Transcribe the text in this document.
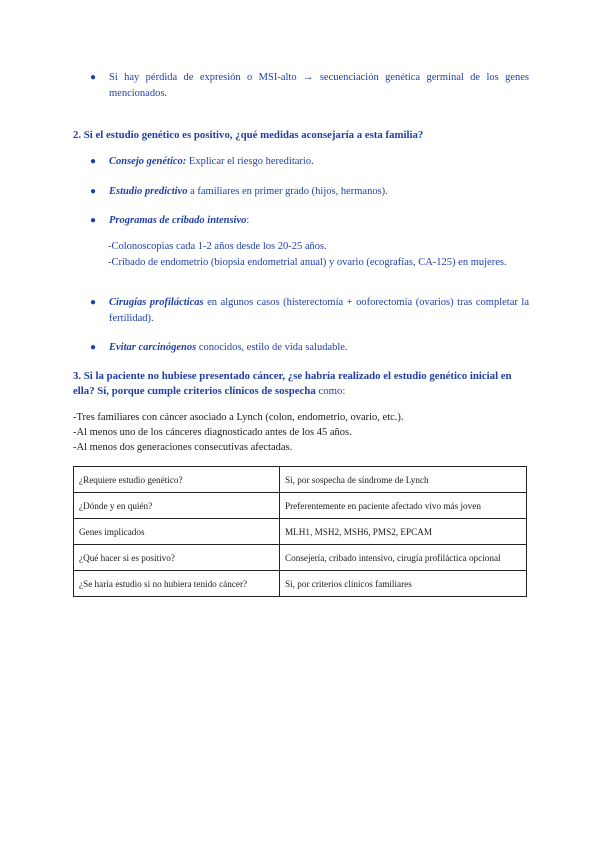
● Si hay pérdida de expresión o MSI-alto → secuenciación genética germinal de los genes mencionados.
2. Si el estudio genético es positivo, ¿qué medidas aconsejaría a esta familia?
● Consejo genético: Explicar el riesgo hereditario.
● Estudio predictivo a familiares en primer grado (hijos, hermanos).
● Programas de cribado intensivo:
-Colonoscopias cada 1-2 años desde los 20-25 años.
-Cribado de endometrio (biopsia endometrial anual) y ovario (ecografías, CA-125) en mujeres.
● Cirugías profilácticas en algunos casos (histerectomía + ooforectomía (ovarios) tras completar la fertilidad).
● Evitar carcinógenos conocidos, estilo de vida saludable.
3. Si la paciente no hubiese presentado cáncer, ¿se habría realizado el estudio genético inicial en ella? Sí, porque cumple criterios clínicos de sospecha como:
-Tres familiares con cáncer asociado a Lynch (colon, endometrio, ovario, etc.).
-Al menos uno de los cánceres diagnosticado antes de los 45 años.
-Al menos dos generaciones consecutivas afectadas.
¿Requiere estudio genético?	Sí, por sospecha de síndrome de Lynch
¿Dónde y en quién?	Preferentemente en paciente afectado vivo más joven
Genes implicados	MLH1, MSH2, MSH6, PMS2, EPCAM
¿Qué hacer si es positivo?	Consejería, cribado intensivo, cirugía profiláctica opcional
¿Se haría estudio si no hubiera tenido cáncer?	Sí, por criterios clínicos familiares
